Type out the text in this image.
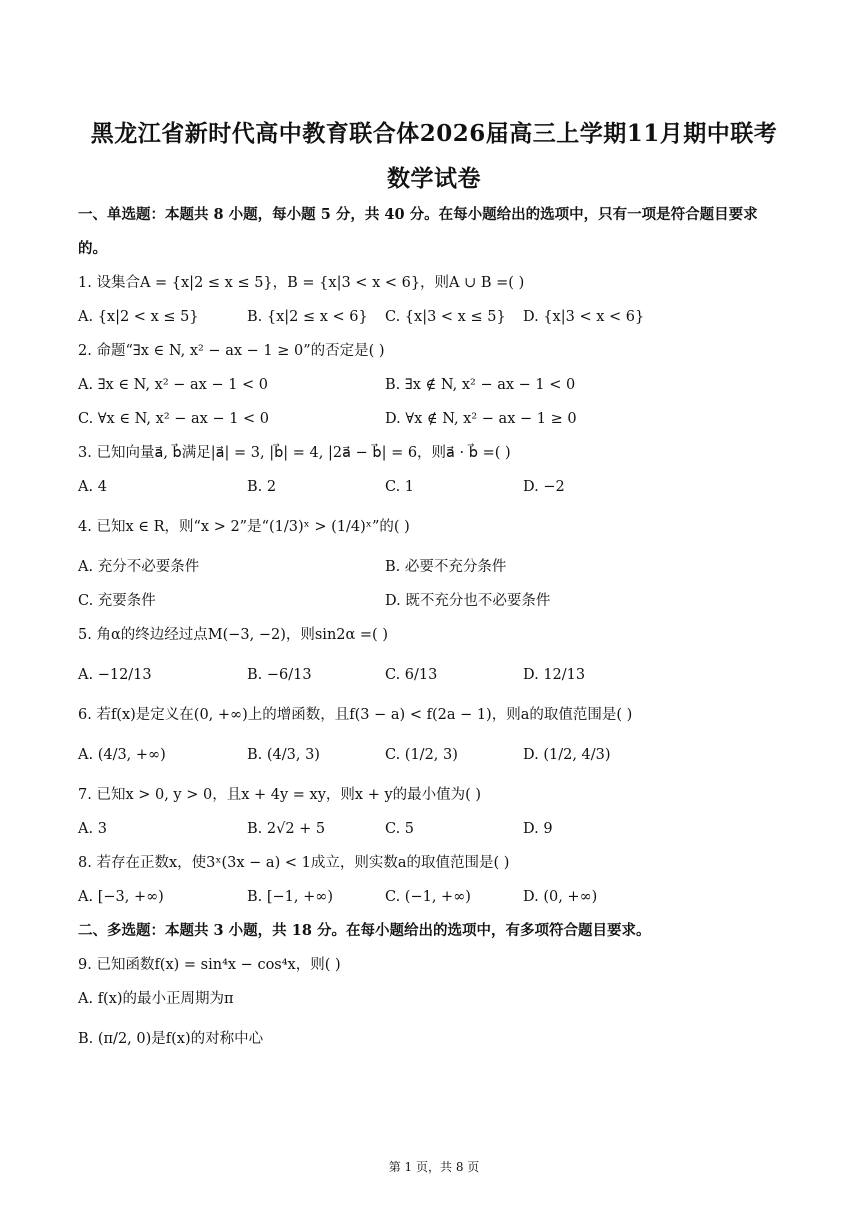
黑龙江省新时代高中教育联合体2026届高三上学期11月期中联考
数学试卷
一、单选题：本题共 8 小题，每小题 5 分，共 40 分。在每小题给出的选项中，只有一项是符合题目要求
的。
1. 设集合A = {x|2 ≤ x ≤ 5}，B = {x|3 < x < 6}，则A ∪ B =( )
A. {x|2 < x ≤ 5}	B. {x|2 ≤ x < 6} C. {x|3 < x ≤ 5} D. {x|3 < x < 6}
2. 命题“∃x ∈ N, x² − ax − 1 ≥ 0”的否定是( )
A. ∃x ∈ N, x² − ax − 1 < 0	B. ∃x ∉ N, x² − ax − 1 < 0
C. ∀x ∈ N, x² − ax − 1 < 0	D. ∀x ∉ N, x² − ax − 1 ≥ 0
3. 已知向量a⃗, b⃗满足|a⃗| = 3, |b⃗| = 4, |2a⃗ − b⃗| = 6，则a⃗ · b⃗ =( )
A. 4	B. 2	C. 1	D. −2
4. 已知x ∈ R，则“x > 2”是“(1/3)ˣ > (1/4)ˣ”的( )
A. 充分不必要条件	B. 必要不充分条件
C. 充要条件	D. 既不充分也不必要条件
5. 角α的终边经过点M(−3, −2)，则sin2α =( )
A. −12/13	B. −6/13	C. 6/13	D. 12/13
6. 若f(x)是定义在(0, +∞)上的增函数，且f(3 − a) < f(2a − 1)，则a的取值范围是( )
A. (4/3, +∞)	B. (4/3, 3)	C. (1/2, 3)	D. (1/2, 4/3)
7. 已知x > 0, y > 0，且x + 4y = xy，则x + y的最小值为( )
A. 3	B. 2√2 + 5	C. 5	D. 9
8. 若存在正数x，使3ˣ(3x − a) < 1成立，则实数a的取值范围是( )
A. [−3, +∞)	B. [−1, +∞)	C. (−1, +∞)	D. (0, +∞)
二、多选题：本题共 3 小题，共 18 分。在每小题给出的选项中，有多项符合题目要求。
9. 已知函数f(x) = sin⁴x − cos⁴x，则( )
A. f(x)的最小正周期为π
B. (π/2, 0)是f(x)的对称中心
第 1 页，共 8 页
